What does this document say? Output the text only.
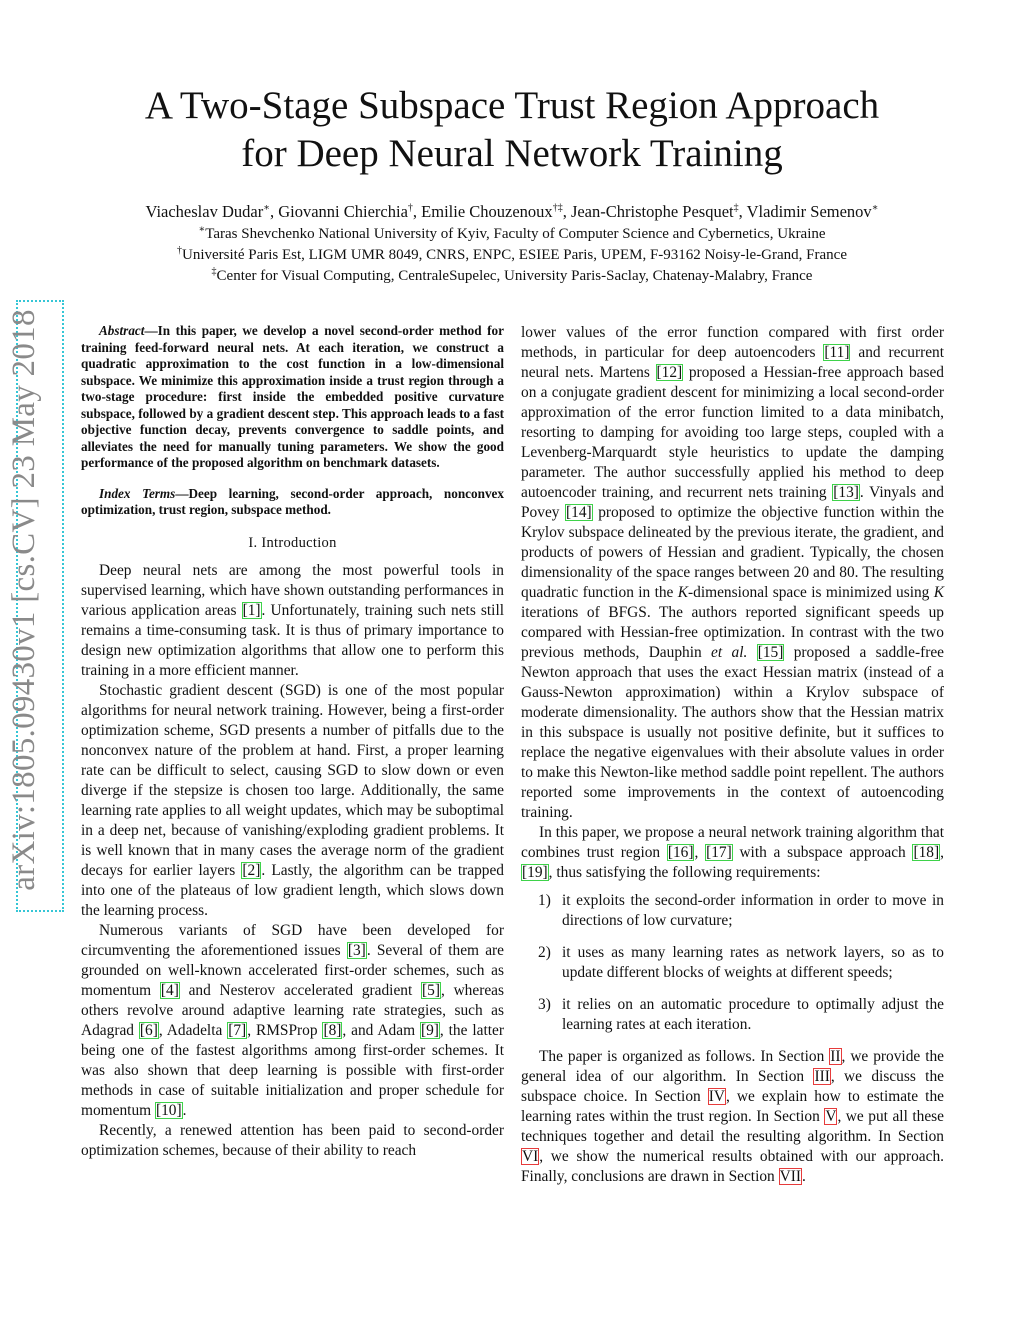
arXiv:1805.09430v1 [cs.CV] 23 May 2018
A Two-Stage Subspace Trust Region Approach
for Deep Neural Network Training
Viacheslav Dudar∗, Giovanni Chierchia†, Emilie Chouzenoux†‡, Jean-Christophe Pesquet‡, Vladimir Semenov∗
∗Taras Shevchenko National University of Kyiv, Faculty of Computer Science and Cybernetics, Ukraine
†Université Paris Est, LIGM UMR 8049, CNRS, ENPC, ESIEE Paris, UPEM, F-93162 Noisy-le-Grand, France
‡Center for Visual Computing, CentraleSupelec, University Paris-Saclay, Chatenay-Malabry, France

Abstract—In this paper, we develop a novel second-order method for training feed-forward neural nets. At each iteration, we construct a quadratic approximation to the cost function in a low-dimensional subspace. We minimize this approximation inside a trust region through a two-stage procedure: first inside the embedded positive curvature subspace, followed by a gradient descent step. This approach leads to a fast objective function decay, prevents convergence to saddle points, and alleviates the need for manually tuning parameters. We show the good performance of the proposed algorithm on benchmark datasets.

Index Terms—Deep learning, second-order approach, nonconvex optimization, trust region, subspace method.

I. Introduction

Deep neural nets are among the most powerful tools in supervised learning, which have shown outstanding performances in various application areas [1]. Unfortunately, training such nets still remains a time-consuming task. It is thus of primary importance to design new optimization algorithms that allow one to perform this training in a more efficient manner.

Stochastic gradient descent (SGD) is one of the most popular algorithms for neural network training. However, being a first-order optimization scheme, SGD presents a number of pitfalls due to the nonconvex nature of the problem at hand. First, a proper learning rate can be difficult to select, causing SGD to slow down or even diverge if the stepsize is chosen too large. Additionally, the same learning rate applies to all weight updates, which may be suboptimal in a deep net, because of vanishing/exploding gradient problems. It is well known that in many cases the average norm of the gradient decays for earlier layers [2]. Lastly, the algorithm can be trapped into one of the plateaus of low gradient length, which slows down the learning process.

Numerous variants of SGD have been developed for circumventing the aforementioned issues [3]. Several of them are grounded on well-known accelerated first-order schemes, such as momentum [4] and Nesterov accelerated gradient [5], whereas others revolve around adaptive learning rate strategies, such as Adagrad [6], Adadelta [7], RMSProp [8], and Adam [9], the latter being one of the fastest algorithms among first-order schemes. It was also shown that deep learning is possible with first-order methods in case of suitable initialization and proper schedule for momentum [10].

Recently, a renewed attention has been paid to second-order optimization schemes, because of their ability to reach

lower values of the error function compared with first order methods, in particular for deep autoencoders [11] and recurrent neural nets. Martens [12] proposed a Hessian-free approach based on a conjugate gradient descent for minimizing a local second-order approximation of the error function limited to a data minibatch, resorting to damping for avoiding too large steps, coupled with a Levenberg-Marquardt style heuristics to update the damping parameter. The author successfully applied his method to deep autoencoder training, and recurrent nets training [13]. Vinyals and Povey [14] proposed to optimize the objective function within the Krylov subspace delineated by the previous iterate, the gradient, and products of powers of Hessian and gradient. Typically, the chosen dimensionality of the space ranges between 20 and 80. The resulting quadratic function in the K-dimensional space is minimized using K iterations of BFGS. The authors reported significant speeds up compared with Hessian-free optimization. In contrast with the two previous methods, Dauphin et al. [15] proposed a saddle-free Newton approach that uses the exact Hessian matrix (instead of a Gauss-Newton approximation) within a Krylov subspace of moderate dimensionality. The authors show that the Hessian matrix in this subspace is usually not positive definite, but it suffices to replace the negative eigenvalues with their absolute values in order to make this Newton-like method saddle point repellent. The authors reported some improvements in the context of autoencoding training.

In this paper, we propose a neural network training algorithm that combines trust region [16], [17] with a subspace approach [18], [19], thus satisfying the following requirements:

1) it exploits the second-order information in order to move in directions of low curvature;
2) it uses as many learning rates as network layers, so as to update different blocks of weights at different speeds;
3) it relies on an automatic procedure to optimally adjust the learning rates at each iteration.

The paper is organized as follows. In Section II, we provide the general idea of our algorithm. In Section III, we discuss the subspace choice. In Section IV, we explain how to estimate the learning rates within the trust region. In Section V, we put all these techniques together and detail the resulting algorithm. In Section VI, we show the numerical results obtained with our approach. Finally, conclusions are drawn in Section VII.
